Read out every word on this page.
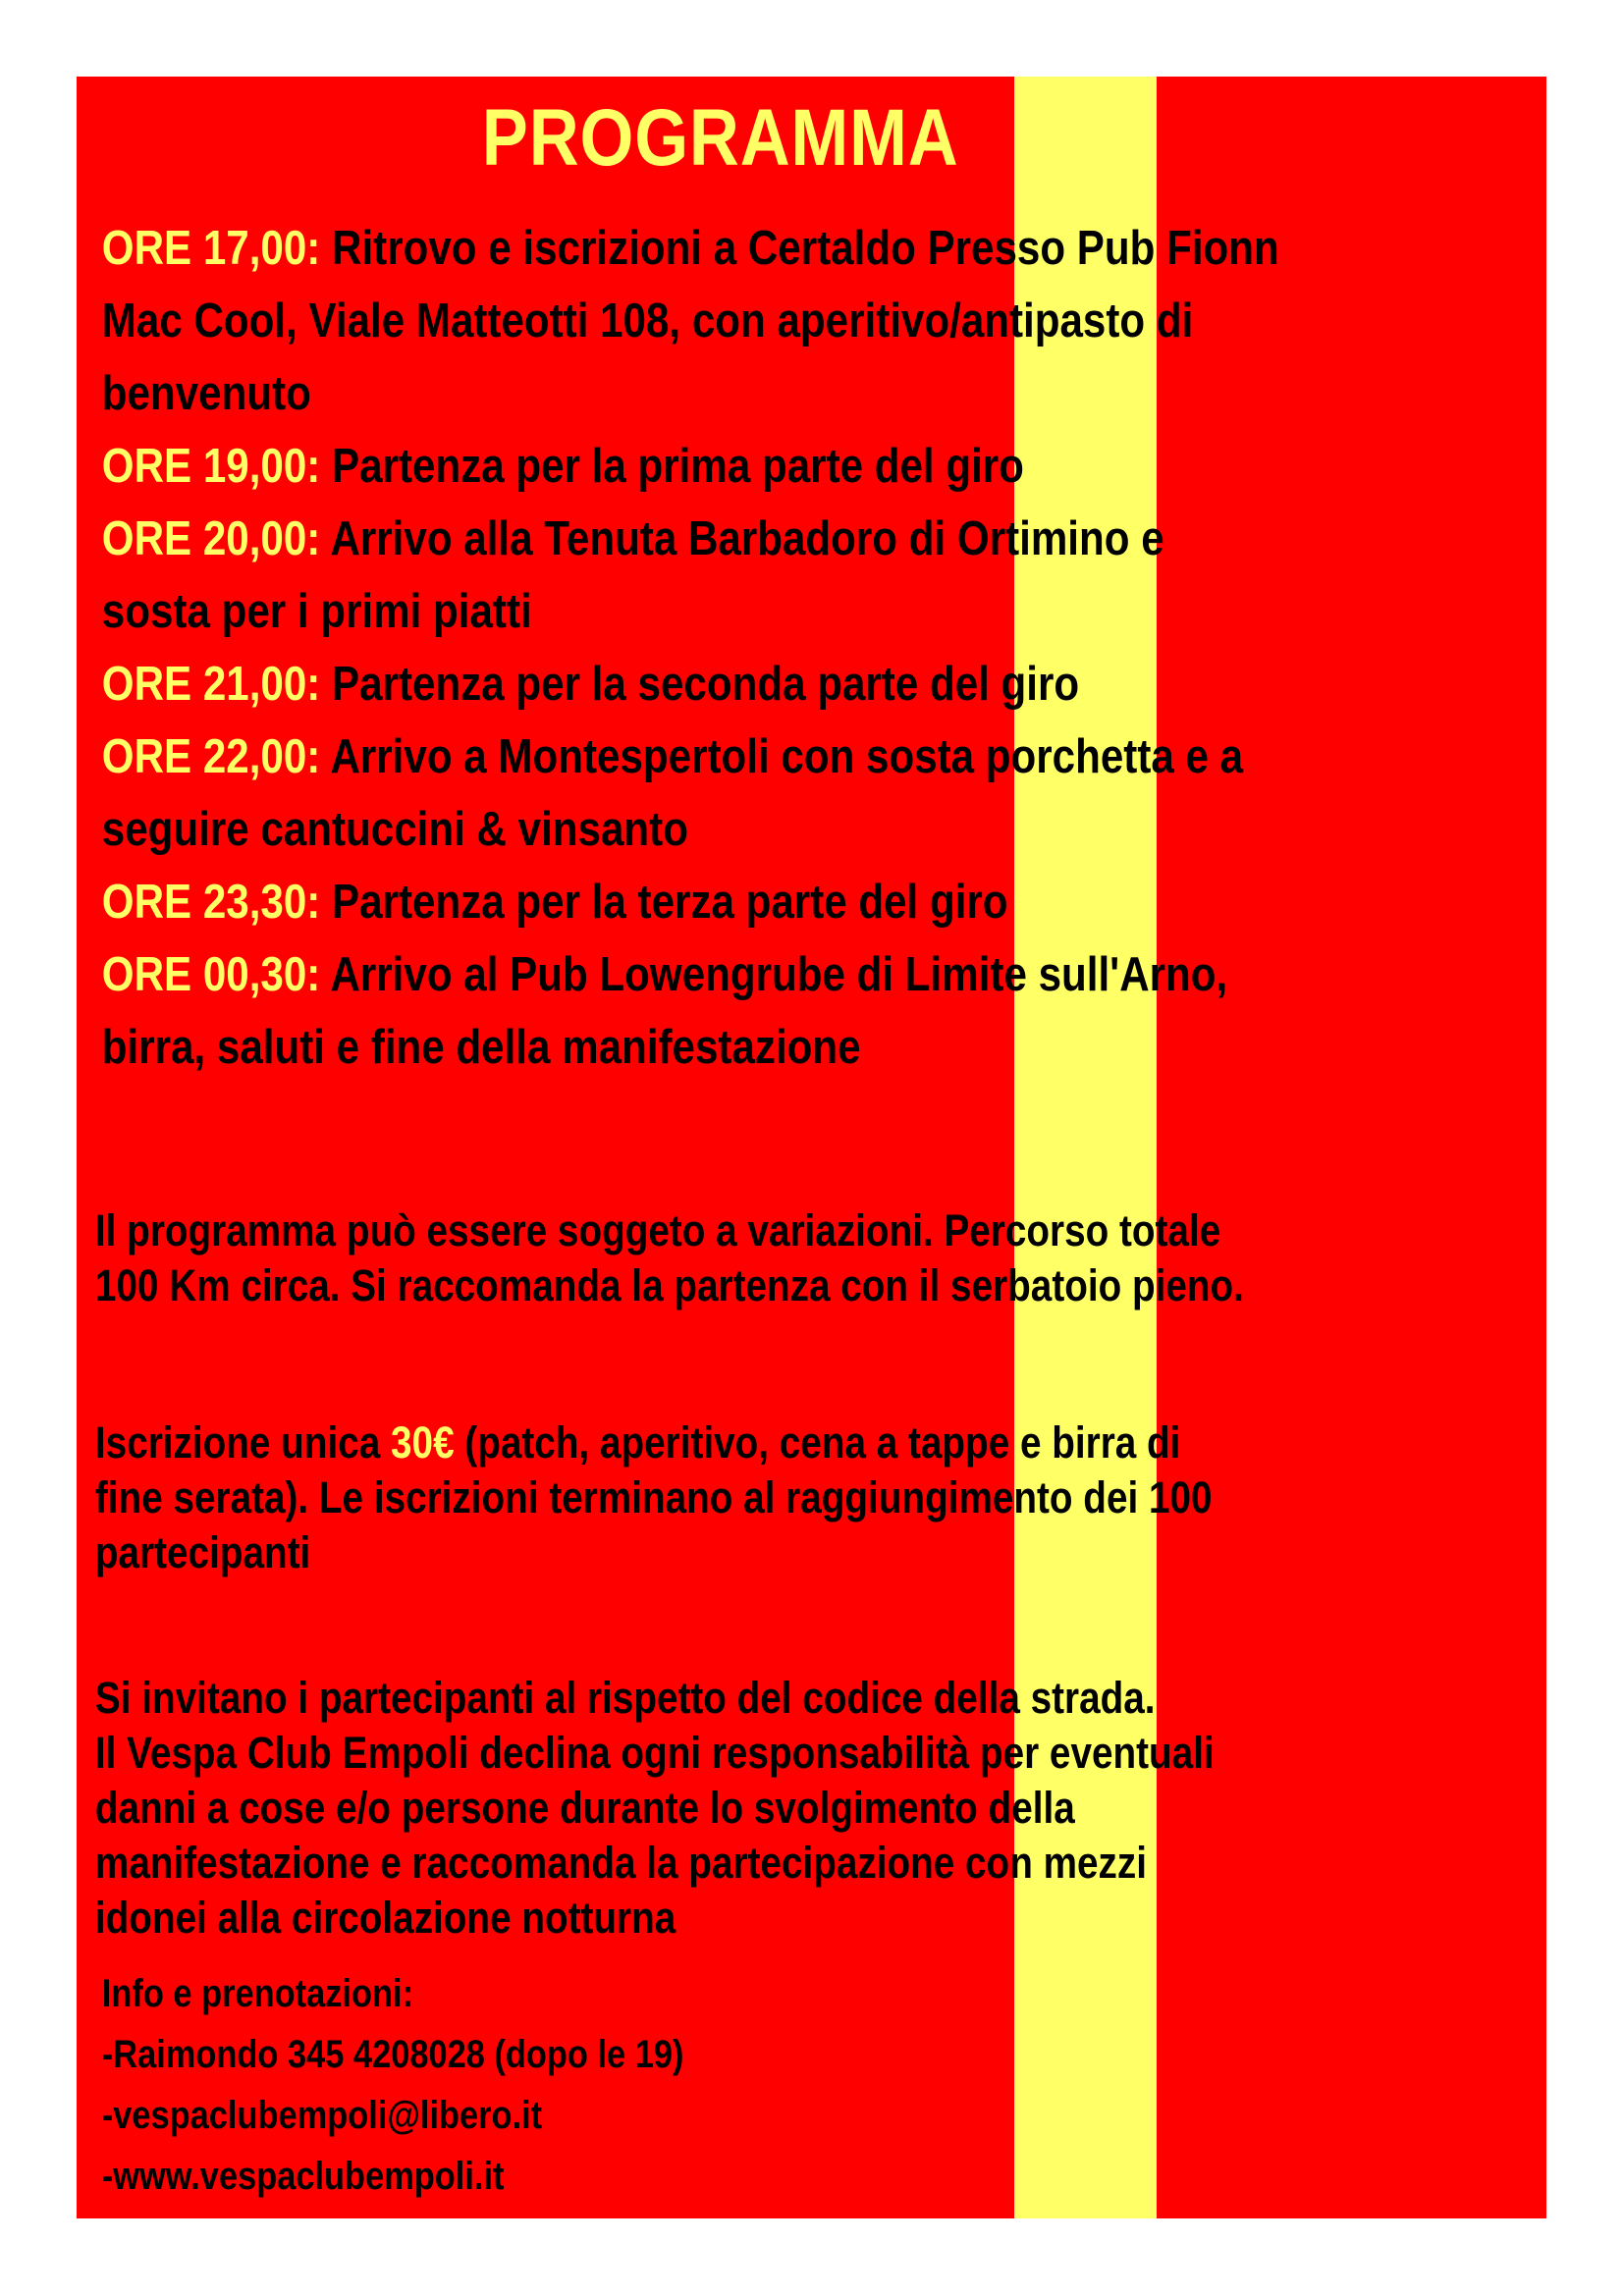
PROGRAMMA
ORE 17,00: Ritrovo e iscrizioni a Certaldo Presso Pub Fionn
Mac Cool, Viale Matteotti 108, con aperitivo/antipasto di
benvenuto
ORE 19,00: Partenza per la prima parte del giro
ORE 20,00: Arrivo alla Tenuta Barbadoro di Ortimino e
sosta per i primi piatti
ORE 21,00: Partenza per la seconda parte del giro
ORE 22,00: Arrivo a Montespertoli con sosta porchetta e a
seguire cantuccini & vinsanto
ORE 23,30: Partenza per la terza parte del giro
ORE 00,30: Arrivo al Pub Lowengrube di Limite sull'Arno,
birra, saluti e fine della manifestazione
Il programma può essere soggeto a variazioni. Percorso totale
100 Km circa. Si raccomanda la partenza con il serbatoio pieno.
Iscrizione unica 30€ (patch, aperitivo, cena a tappe e birra di
fine serata). Le iscrizioni terminano al raggiungimento dei 100
partecipanti
Si invitano i partecipanti al rispetto del codice della strada.
Il Vespa Club Empoli declina ogni responsabilità per eventuali
danni a cose e/o persone durante lo svolgimento della
manifestazione e raccomanda la partecipazione con mezzi
idonei alla circolazione notturna
Info e prenotazioni:
-Raimondo 345 4208028 (dopo le 19)
-vespaclubempoli@libero.it
-www.vespaclubempoli.it
